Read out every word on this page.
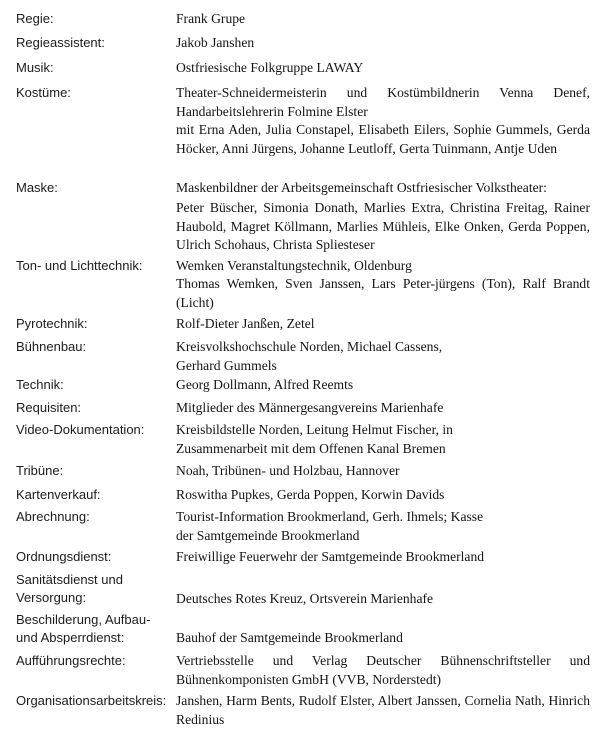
Regie:	Frank Grupe
Regieassistent:	Jakob Janshen
Musik:	Ostfriesische Folkgruppe LAWAY
Kostüme:	Theater-Schneidermeisterin und Kostümbildnerin Venna Denef, Handarbeitslehrerin Folmine Elster
mit Erna Aden, Julia Constapel, Elisabeth Eilers, Sophie Gummels, Gerda Höcker, Anni Jürgens, Johanne Leutloff, Gerta Tuinmann, Antje Uden
Maske:	Maskenbildner der Arbeitsgemeinschaft Ostfriesischer Volkstheater:
Peter Büscher, Simonia Donath, Marlies Extra, Christina Freitag, Rainer Haubold, Magret Köllmann, Marlies Mühleis, Elke Onken, Gerda Poppen, Ulrich Schohaus, Christa Spliesteser
Ton- und Lichttechnik:	Wemken Veranstaltungstechnik, Oldenburg
Thomas Wemken, Sven Janssen, Lars Peter-jürgens (Ton), Ralf Brandt (Licht)
Pyrotechnik:	Rolf-Dieter Janßen, Zetel
Bühnenbau:	Kreisvolkshochschule Norden, Michael Cassens, Gerhard Gummels
Technik:	Georg Dollmann, Alfred Reemts
Requisiten:	Mitglieder des Männergesangvereins Marienhafe
Video-Dokumentation:	Kreisbildstelle Norden, Leitung Helmut Fischer, in Zusammenarbeit mit dem Offenen Kanal Bremen
Tribüne:	Noah, Tribünen- und Holzbau, Hannover
Kartenverkauf:	Roswitha Pupkes, Gerda Poppen, Korwin Davids
Abrechnung:	Tourist-Information Brookmerland, Gerh. Ihmels; Kasse der Samtgemeinde Brookmerland
Ordnungsdienst:	Freiwillige Feuerwehr der Samtgemeinde Brookmerland
Sanitätsdienst und Versorgung:	Deutsches Rotes Kreuz, Ortsverein Marienhafe
Beschilderung, Aufbau- und Absperrdienst:	Bauhof der Samtgemeinde Brookmerland
Aufführungsrechte:	Vertriebsstelle und Verlag Deutscher Bühnenschriftsteller und Bühnenkomponisten GmbH (VVB, Norderstedt)
Organisationsarbeitskreis: Janshen, Harm Bents, Rudolf Elster, Albert Janssen, Cornelia Nath, Hinrich Redinius
